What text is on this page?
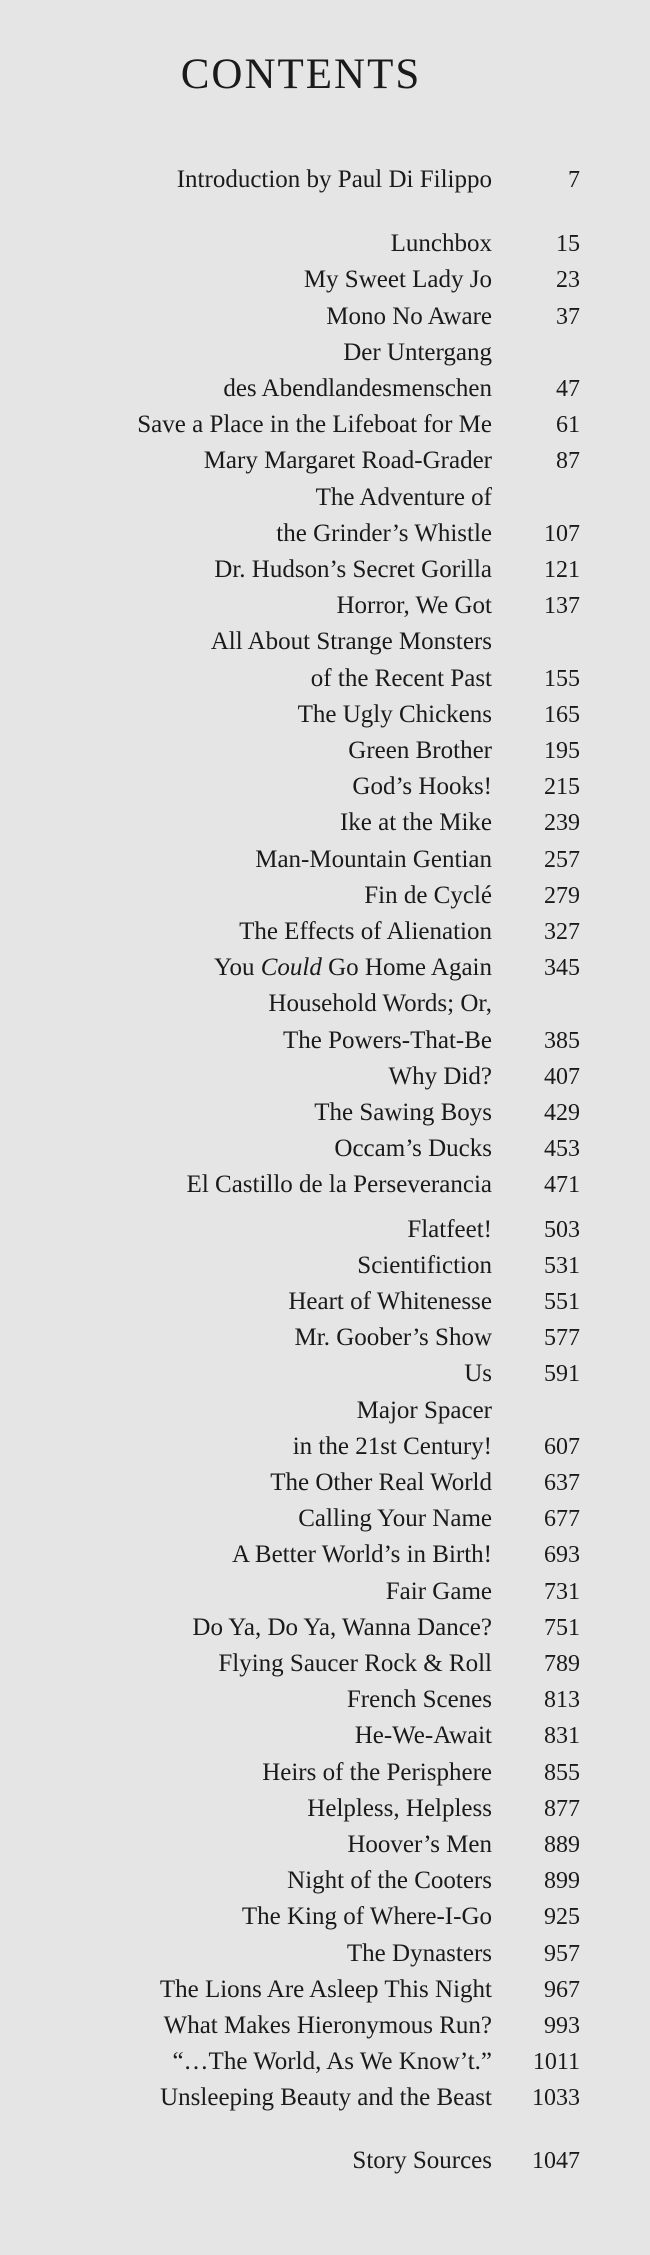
CONTENTS
Introduction by Paul Di Filippo	7
Lunchbox	15
My Sweet Lady Jo	23
Mono No Aware	37
Der Untergang
des Abendlandesmenschen	47
Save a Place in the Lifeboat for Me	61
Mary Margaret Road-Grader	87
The Adventure of
the Grinder’s Whistle	107
Dr. Hudson’s Secret Gorilla	121
Horror, We Got	137
All About Strange Monsters
of the Recent Past	155
The Ugly Chickens	165
Green Brother	195
God’s Hooks!	215
Ike at the Mike	239
Man-Mountain Gentian	257
Fin de Cyclé	279
The Effects of Alienation	327
You Could Go Home Again	345
Household Words; Or,
The Powers-That-Be	385
Why Did?	407
The Sawing Boys	429
Occam’s Ducks	453
El Castillo de la Perseverancia	471
Flatfeet!	503
Scientifiction	531
Heart of Whitenesse	551
Mr. Goober’s Show	577
Us	591
Major Spacer
in the 21st Century!	607
The Other Real World	637
Calling Your Name	677
A Better World’s in Birth!	693
Fair Game	731
Do Ya, Do Ya, Wanna Dance?	751
Flying Saucer Rock & Roll	789
French Scenes	813
He-We-Await	831
Heirs of the Perisphere	855
Helpless, Helpless	877
Hoover’s Men	889
Night of the Cooters	899
The King of Where-I-Go	925
The Dynasters	957
The Lions Are Asleep This Night	967
What Makes Hieronymous Run?	993
“…The World, As We Know’t.”	1011
Unsleeping Beauty and the Beast	1033
Story Sources	1047
